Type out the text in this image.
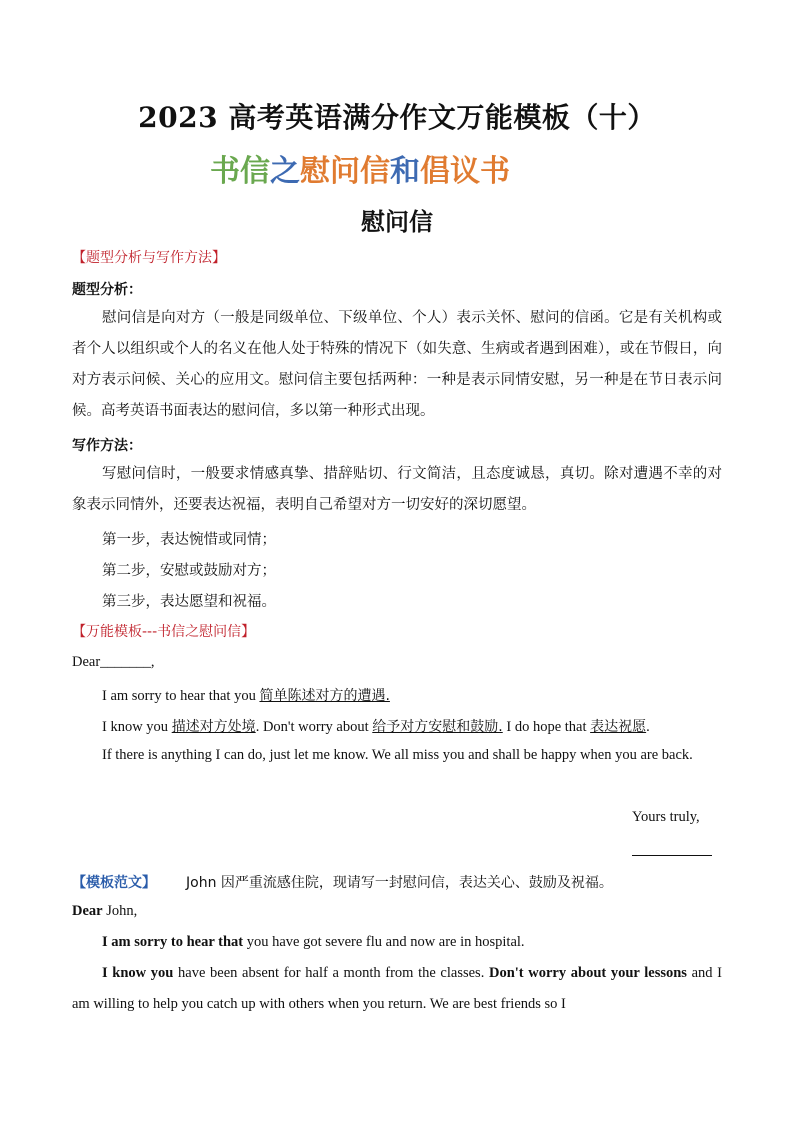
2023 高考英语满分作文万能模板（十）
书信之慰问信和倡议书
慰问信
【题型分析与写作方法】
题型分析：
慰问信是向对方（一般是同级单位、下级单位、个人）表示关怀、慰问的信函。它是有关机构或者个人以组织或个人的名义在他人处于特殊的情况下（如失意、生病或者遇到困难），或在节假日，向对方表示问候、关心的应用文。慰问信主要包括两种：一种是表示同情安慰，另一种是在节日表示问候。高考英语书面表达的慰问信，多以第一种形式出现。
写作方法：
写慰问信时，一般要求情感真挚、措辞贴切、行文简洁，且态度诚恳，真切。除对遭遇不幸的对象表示同情外，还要表达祝福，表明自己希望对方一切安好的深切愿望。
第一步，表达惋惜或同情；
第二步，安慰或鼓励对方；
第三步，表达愿望和祝福。
【万能模板---书信之慰问信】
Dear_______,
I am sorry to hear that you 简单陈述对方的遭遇.
I know you 描述对方处境. Don't worry about 给予对方安慰和鼓励. I do hope that 表达祝愿.
If there is anything I can do, just let me know. We all miss you and shall be happy when you are back.
Yours truly,
【模板范文】 John 因严重流感住院，现请写一封慰问信，表达关心、鼓励及祝福。
Dear John,
I am sorry to hear that you have got severe flu and now are in hospital.
I know you have been absent for half a month from the classes. Don't worry about your lessons and I am willing to help you catch up with others when you return. We are best friends so I
